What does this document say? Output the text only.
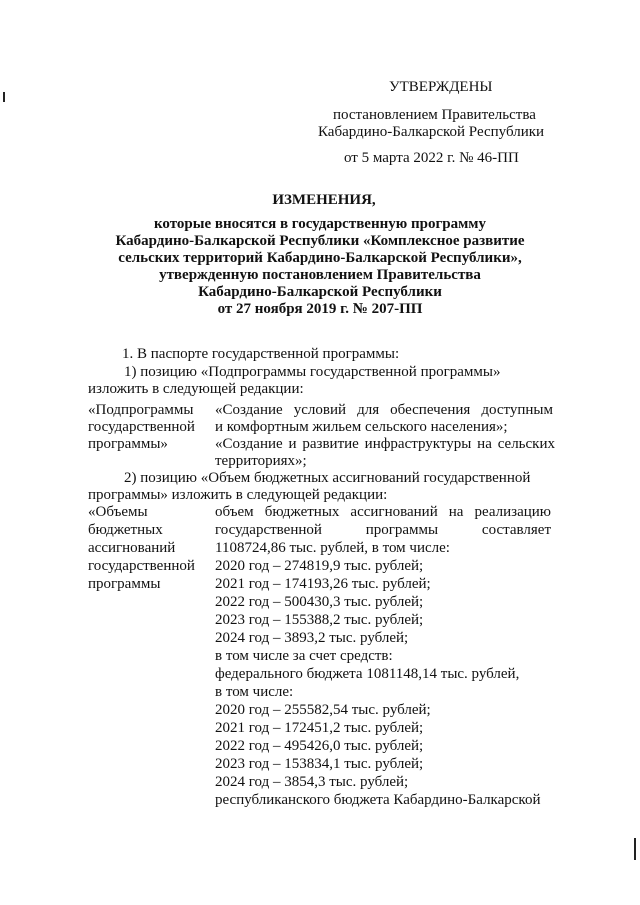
УТВЕРЖДЕНЫ
постановлением Правительства
Кабардино-Балкарской Республики
от 5 марта 2022 г. № 46-ПП
ИЗМЕНЕНИЯ,
которые вносятся в государственную программу
Кабардино-Балкарской Республики «Комплексное развитие
сельских территорий Кабардино-Балкарской Республики»,
утвержденную постановлением Правительства
Кабардино-Балкарской Республики
от 27 ноября 2019 г. № 207-ПП
1. В паспорте государственной программы:
1) позицию «Подпрограммы государственной программы»
изложить в следующей редакции:
«Подпрограммы
государственной
программы»
«Создание условий для обеспечения доступным
и комфортным жильем сельского населения»;
«Создание и развитие инфраструктуры на сельских
территориях»;
2) позицию «Объем бюджетных ассигнований государственной
программы» изложить в следующей редакции:
«Объемы
бюджетных
ассигнований
государственной
программы
объем бюджетных ассигнований на реализацию
государственной программы составляет
1108724,86 тыс. рублей, в том числе:
2020 год – 274819,9 тыс. рублей;
2021 год – 174193,26 тыс. рублей;
2022 год – 500430,3 тыс. рублей;
2023 год – 155388,2 тыс. рублей;
2024 год – 3893,2 тыс. рублей;
в том числе за счет средств:
федерального бюджета 1081148,14 тыс. рублей,
в том числе:
2020 год – 255582,54 тыс. рублей;
2021 год – 172451,2 тыс. рублей;
2022 год – 495426,0 тыс. рублей;
2023 год – 153834,1 тыс. рублей;
2024 год – 3854,3 тыс. рублей;
республиканского бюджета Кабардино-Балкарской
